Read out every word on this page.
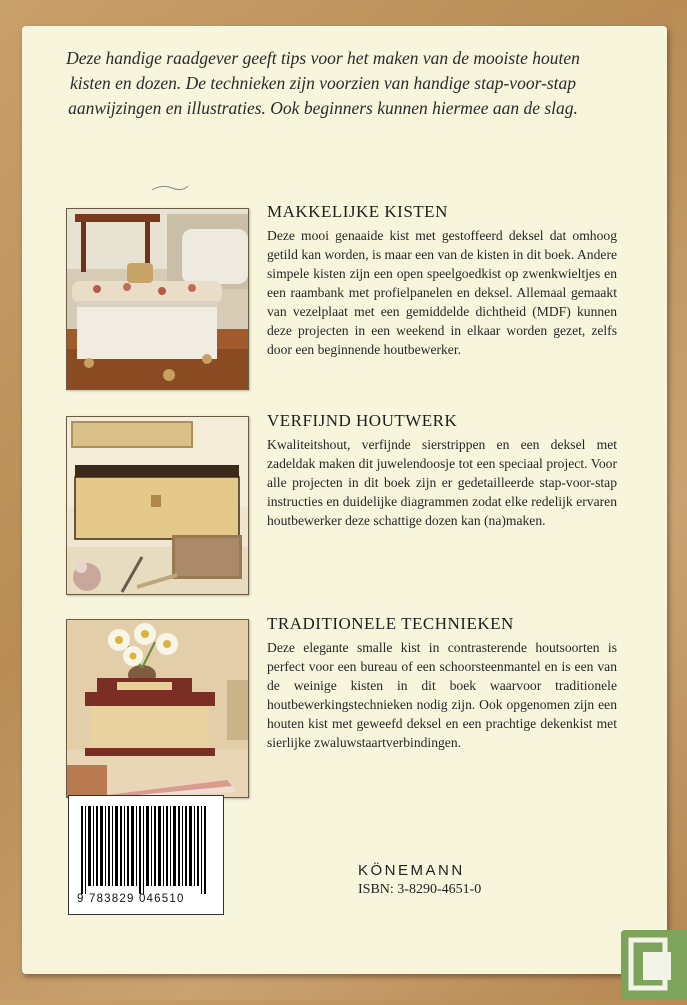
Deze handige raadgever geeft tips voor het maken van de mooiste houten kisten en dozen. De technieken zijn voorzien van handige stap-voor-stap aanwijzingen en illustraties. Ook beginners kunnen hiermee aan de slag.
MAKKELIJKE KISTEN
Deze mooi genaaide kist met gestoffeerd deksel dat omhoog getild kan worden, is maar een van de kisten in dit boek. Andere simpele kisten zijn een open speelgoedkist op zwenkwieltjes en een raambank met profielpanelen en deksel. Allemaal gemaakt van vezelplaat met een gemiddelde dichtheid (MDF) kunnen deze projecten in een weekend in elkaar worden gezet, zelfs door een beginnende houtbewerker.
VERFIJND HOUTWERK
Kwaliteitshout, verfijnde sierstrippen en een deksel met zadeldak maken dit juwelendoosje tot een speciaal project. Voor alle projecten in dit boek zijn er gedetailleerde stap-voor-stap instructies en duidelijke diagrammen zodat elke redelijk ervaren houtbewerker deze schattige dozen kan (na)maken.
TRADITIONELE TECHNIEKEN
Deze elegante smalle kist in contrasterende houtsoorten is perfect voor een bureau of een schoorsteenmantel en is een van de weinige kisten in dit boek waarvoor traditionele houtbewerkingstechnieken nodig zijn. Ook opgenomen zijn een houten kist met geweefd deksel en een prachtige dekenkist met sierlijke zwaluwstaartverbindingen.
9 783829 046510
KÖNEMANN
ISBN: 3-8290-4651-0
